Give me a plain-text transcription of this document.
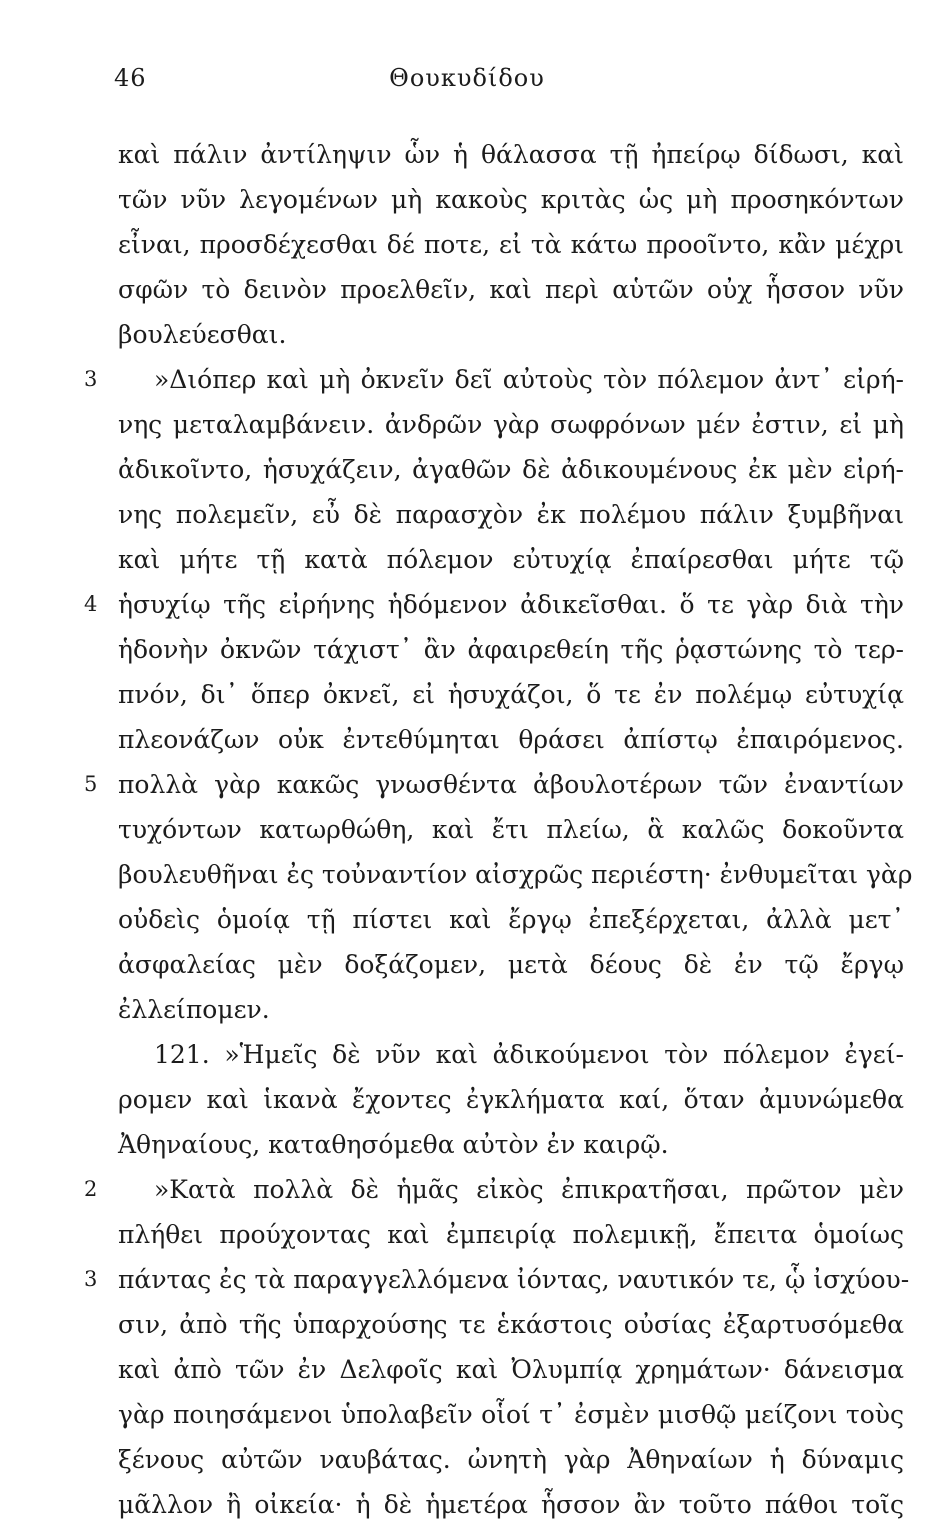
46	Θουκυδίδου
καὶ πάλιν ἀντίληψιν ὧν ἡ θάλασσα τῇ ἠπείρῳ δίδωσι, καὶ
τῶν νῦν λεγομένων μὴ κακοὺς κριτὰς ὡς μὴ προσηκόντων
εἶναι, προσδέχεσθαι δέ ποτε, εἰ τὰ κάτω προοῖντο, κἂν μέχρι
σφῶν τὸ δεινὸν προελθεῖν, καὶ περὶ αὑτῶν οὐχ ἧσσον νῦν
βουλεύεσθαι.
3 »Διόπερ καὶ μὴ ὀκνεῖν δεῖ αὐτοὺς τὸν πόλεμον ἀντ᾽ εἰρή-
νης μεταλαμβάνειν. ἀνδρῶν γὰρ σωφρόνων μέν ἐστιν, εἰ μὴ
ἀδικοῖντο, ἡσυχάζειν, ἀγαθῶν δὲ ἀδικουμένους ἐκ μὲν εἰρή-
νης πολεμεῖν, εὖ δὲ παρασχὸν ἐκ πολέμου πάλιν ξυμβῆναι
καὶ μήτε τῇ κατὰ πόλεμον εὐτυχίᾳ ἐπαίρεσθαι μήτε τῷ
4 ἡσυχίῳ τῆς εἰρήνης ἡδόμενον ἀδικεῖσθαι. ὅ τε γὰρ διὰ τὴν
ἡδονὴν ὀκνῶν τάχιστ᾽ ἂν ἀφαιρεθείη τῆς ῥᾳστώνης τὸ τερ-
πνόν, δι᾽ ὅπερ ὀκνεῖ, εἰ ἡσυχάζοι, ὅ τε ἐν πολέμῳ εὐτυχίᾳ
πλεονάζων οὐκ ἐντεθύμηται θράσει ἀπίστῳ ἐπαιρόμενος.
5 πολλὰ γὰρ κακῶς γνωσθέντα ἀβουλοτέρων τῶν ἐναντίων
τυχόντων κατωρθώθη, καὶ ἔτι πλείω, ἃ καλῶς δοκοῦντα
βουλευθῆναι ἐς τοὐναντίον αἰσχρῶς περιέστη· ἐνθυμεῖται γὰρ
οὐδεὶς ὁμοίᾳ τῇ πίστει καὶ ἔργῳ ἐπεξέρχεται, ἀλλὰ μετ᾽
ἀσφαλείας μὲν δοξάζομεν, μετὰ δέους δὲ ἐν τῷ ἔργῳ
ἐλλείπομεν.
121. »Ἡμεῖς δὲ νῦν καὶ ἀδικούμενοι τὸν πόλεμον ἐγεί-
ρομεν καὶ ἱκανὰ ἔχοντες ἐγκλήματα καί, ὅταν ἀμυνώμεθα
Ἀθηναίους, καταθησόμεθα αὐτὸν ἐν καιρῷ.
2 »Κατὰ πολλὰ δὲ ἡμᾶς εἰκὸς ἐπικρατῆσαι, πρῶτον μὲν
πλήθει προύχοντας καὶ ἐμπειρίᾳ πολεμικῇ, ἔπειτα ὁμοίως
3 πάντας ἐς τὰ παραγγελλόμενα ἰόντας, ναυτικόν τε, ᾧ ἰσχύου-
σιν, ἀπὸ τῆς ὑπαρχούσης τε ἑκάστοις οὐσίας ἐξαρτυσόμεθα
καὶ ἀπὸ τῶν ἐν Δελφοῖς καὶ Ὀλυμπίᾳ χρημάτων· δάνεισμα
γὰρ ποιησάμενοι ὑπολαβεῖν οἷοί τ᾽ ἐσμὲν μισθῷ μείζονι τοὺς
ξένους αὐτῶν ναυβάτας. ὠνητὴ γὰρ Ἀθηναίων ἡ δύναμις
μᾶλλον ἢ οἰκεία· ἡ δὲ ἡμετέρα ἧσσον ἂν τοῦτο πάθοι τοῖς
